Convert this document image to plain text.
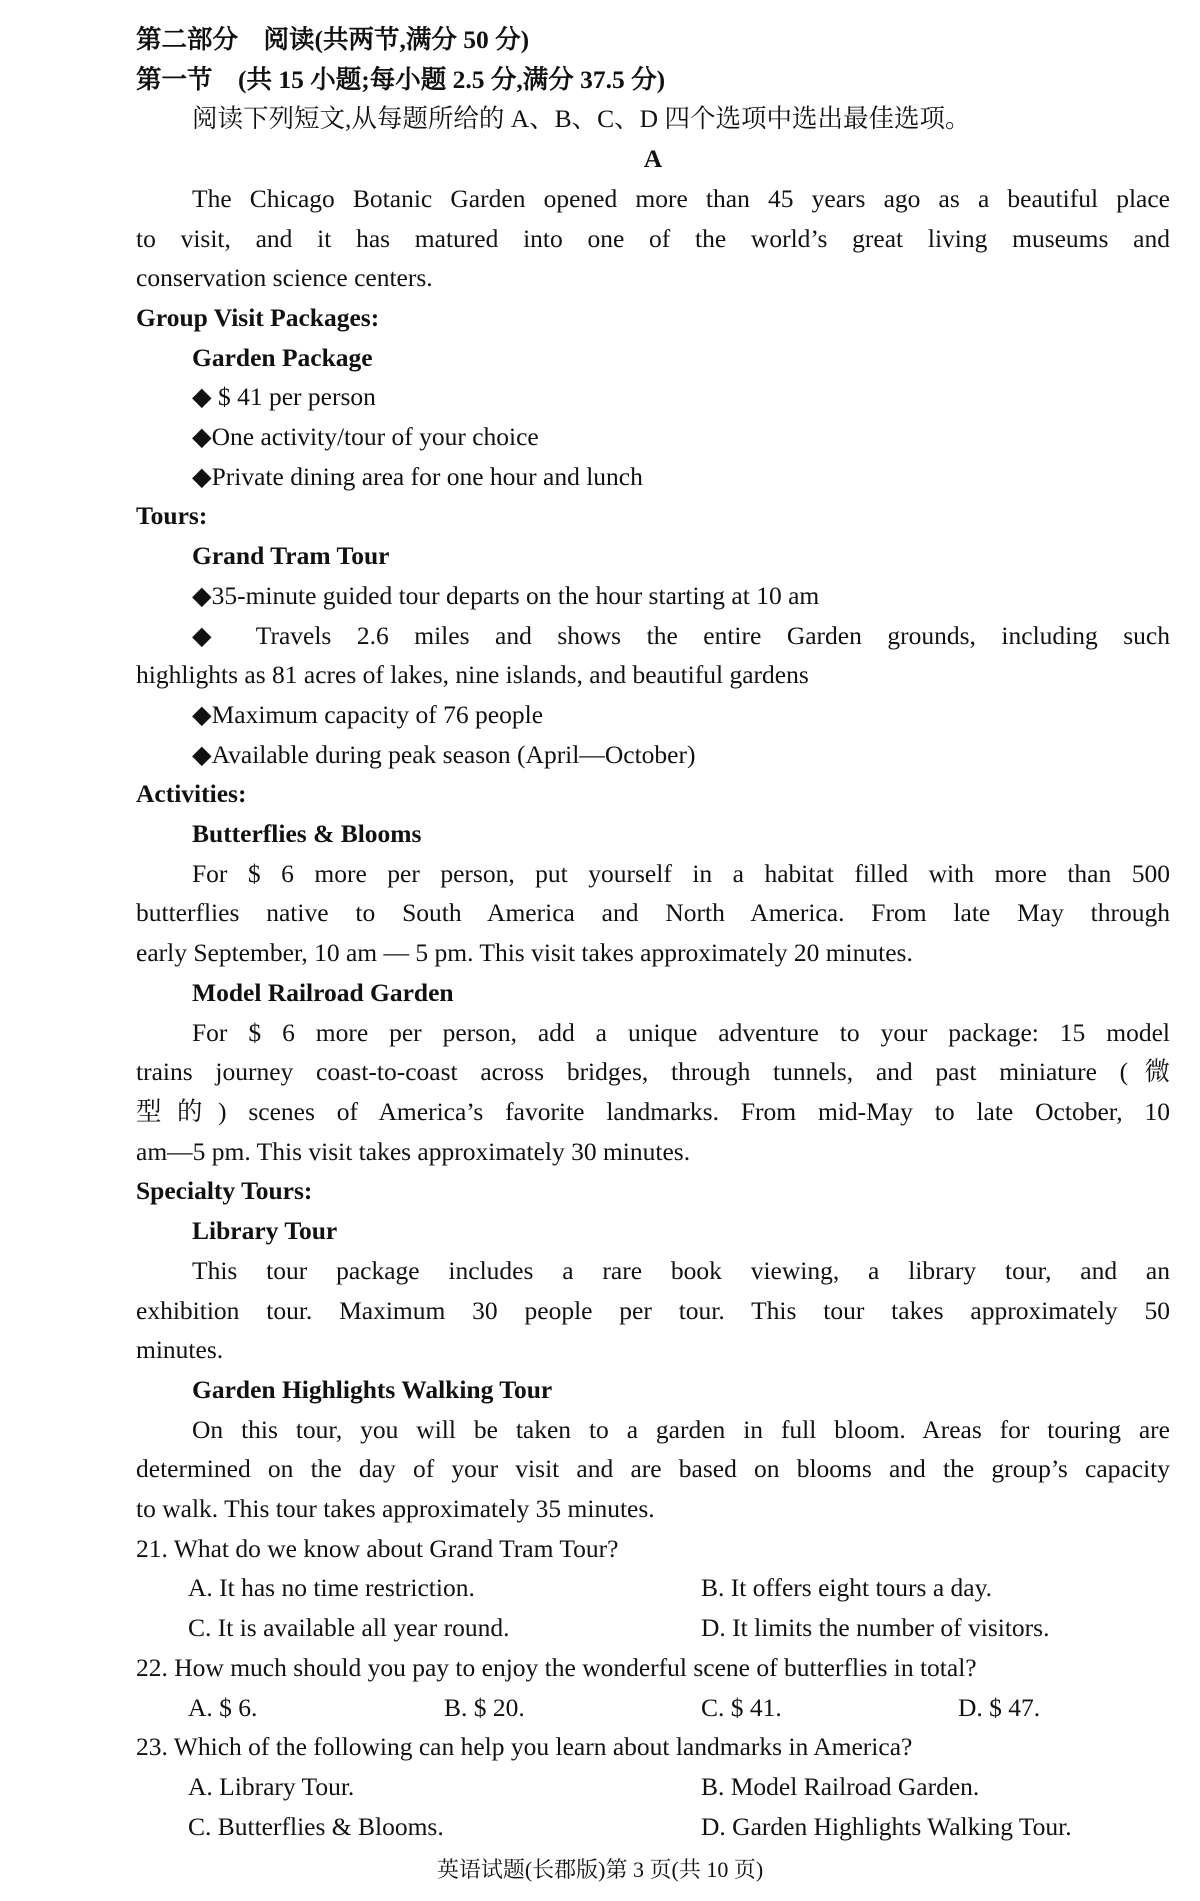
第二部分　阅读(共两节,满分 50 分)
第一节　(共 15 小题;每小题 2.5 分,满分 37.5 分)
阅读下列短文,从每题所给的 A、B、C、D 四个选项中选出最佳选项。
A
The Chicago Botanic Garden opened more than 45 years ago as a beautiful place
to visit, and it has matured into one of the world’s great living museums and
conservation science centers.
Group Visit Packages:
Garden Package
◆ $ 41 per person
◆One activity/tour of your choice
◆Private dining area for one hour and lunch
Tours:
Grand Tram Tour
◆35-minute guided tour departs on the hour starting at 10 am
◆ Travels 2.6 miles and shows the entire Garden grounds, including such
highlights as 81 acres of lakes, nine islands, and beautiful gardens
◆Maximum capacity of 76 people
◆Available during peak season (April—October)
Activities:
Butterflies & Blooms
For $ 6 more per person, put yourself in a habitat filled with more than 500
butterflies native to South America and North America. From late May through
early September, 10 am — 5 pm. This visit takes approximately 20 minutes.
Model Railroad Garden
For $ 6 more per person, add a unique adventure to your package: 15 model
trains journey coast-to-coast across bridges, through tunnels, and past miniature (微
型的) scenes of America’s favorite landmarks. From mid-May to late October, 10
am—5 pm. This visit takes approximately 30 minutes.
Specialty Tours:
Library Tour
This tour package includes a rare book viewing, a library tour, and an
exhibition tour. Maximum 30 people per tour. This tour takes approximately 50
minutes.
Garden Highlights Walking Tour
On this tour, you will be taken to a garden in full bloom. Areas for touring are
determined on the day of your visit and are based on blooms and the group’s capacity
to walk. This tour takes approximately 35 minutes.
21. What do we know about Grand Tram Tour?
A. It has no time restriction.	B. It offers eight tours a day.
C. It is available all year round.	D. It limits the number of visitors.
22. How much should you pay to enjoy the wonderful scene of butterflies in total?
A. $ 6.	B. $ 20.	C. $ 41.	D. $ 47.
23. Which of the following can help you learn about landmarks in America?
A. Library Tour.	B. Model Railroad Garden.
C. Butterflies & Blooms.	D. Garden Highlights Walking Tour.
英语试题(长郡版)第 3 页(共 10 页)
